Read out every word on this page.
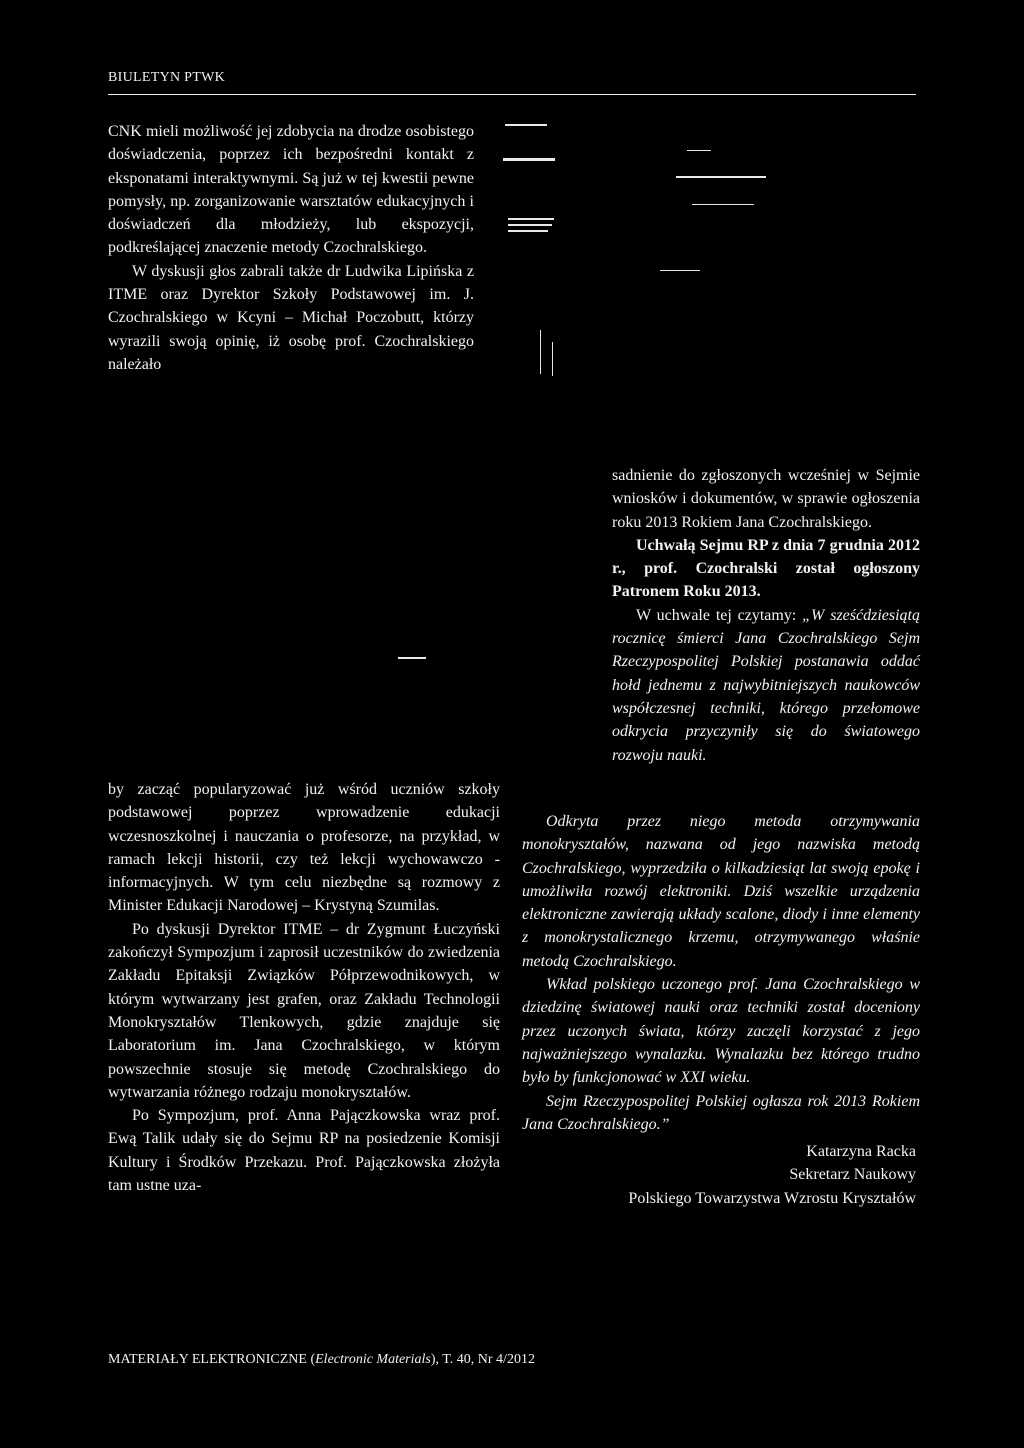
BIULETYN PTWK

CNK mieli możliwość jej zdobycia na drodze osobistego doświadczenia, poprzez ich bezpośredni kontakt z eksponatami interaktywnymi. Są już w tej kwestii pewne pomysły, np. zorganizowanie warsztatów edukacyjnych i doświadczeń dla młodzieży, lub ekspozycji, podkreślającej znaczenie metody Czochralskiego.

W dyskusji głos zabrali także dr Ludwika Lipińska z ITME oraz Dyrektor Szkoły Podstawowej im. J. Czochralskiego w Kcyni – Michał Poczobutt, którzy wyrazili swoją opinię, iż osobę prof. Czochralskiego należało

sadnienie do zgłoszonych wcześniej w Sejmie wniosków i dokumentów, w sprawie ogłoszenia roku 2013 Rokiem Jana Czochralskiego.

Uchwałą Sejmu RP z dnia 7 grudnia 2012 r., prof. Czochralski został ogłoszony Patronem Roku 2013.

W uchwale tej czytamy: „W sześćdziesiątą rocznicę śmierci Jana Czochralskiego Sejm Rzeczypospolitej Polskiej postanawia oddać hołd jednemu z najwybitniejszych naukowców współczesnej techniki, którego przełomowe odkrycia przyczyniły się do światowego rozwoju nauki.

Odkryta przez niego metoda otrzymywania monokryształów, nazwana od jego nazwiska metodą Czochralskiego, wyprzedziła o kilkadziesiąt lat swoją epokę i umożliwiła rozwój elektroniki. Dziś wszelkie urządzenia elektroniczne zawierają układy scalone, diody i inne elementy z monokrystalicznego krzemu, otrzymywanego właśnie metodą Czochralskiego.

Wkład polskiego uczonego prof. Jana Czochralskiego w dziedzinę światowej nauki oraz techniki został doceniony przez uczonych świata, którzy zaczęli korzystać z jego najważniejszego wynalazku. Wynalazku bez którego trudno było by funkcjonować w XXI wieku.

Sejm Rzeczypospolitej Polskiej ogłasza rok 2013 Rokiem Jana Czochralskiego.”

Katarzyna Racka

Sekretarz Naukowy

Polskiego Towarzystwa Wzrostu Kryształów

by zacząć popularyzować już wśród uczniów szkoły podstawowej poprzez wprowadzenie edukacji wczesnoszkolnej i nauczania o profesorze, na przykład, w ramach lekcji historii, czy też lekcji wychowawczo - informacyjnych. W tym celu niezbędne są rozmowy z Minister Edukacji Narodowej – Krystyną Szumilas.

Po dyskusji Dyrektor ITME – dr Zygmunt Łuczyński zakończył Sympozjum i zaprosił uczestników do zwiedzenia Zakładu Epitaksji Związków Półprzewodnikowych, w którym wytwarzany jest grafen, oraz Zakładu Technologii Monokryształów Tlenkowych, gdzie znajduje się Laboratorium im. Jana Czochralskiego, w którym powszechnie stosuje się metodę Czochralskiego do wytwarzania różnego rodzaju monokryształów.

Po Sympozjum, prof. Anna Pajączkowska wraz prof. Ewą Talik udały się do Sejmu RP na posiedzenie Komisji Kultury i Środków Przekazu. Prof. Pajączkowska złożyła tam ustne uza-

MATERIAŁY ELEKTRONICZNE (Electronic Materials), T. 40, Nr 4/2012
